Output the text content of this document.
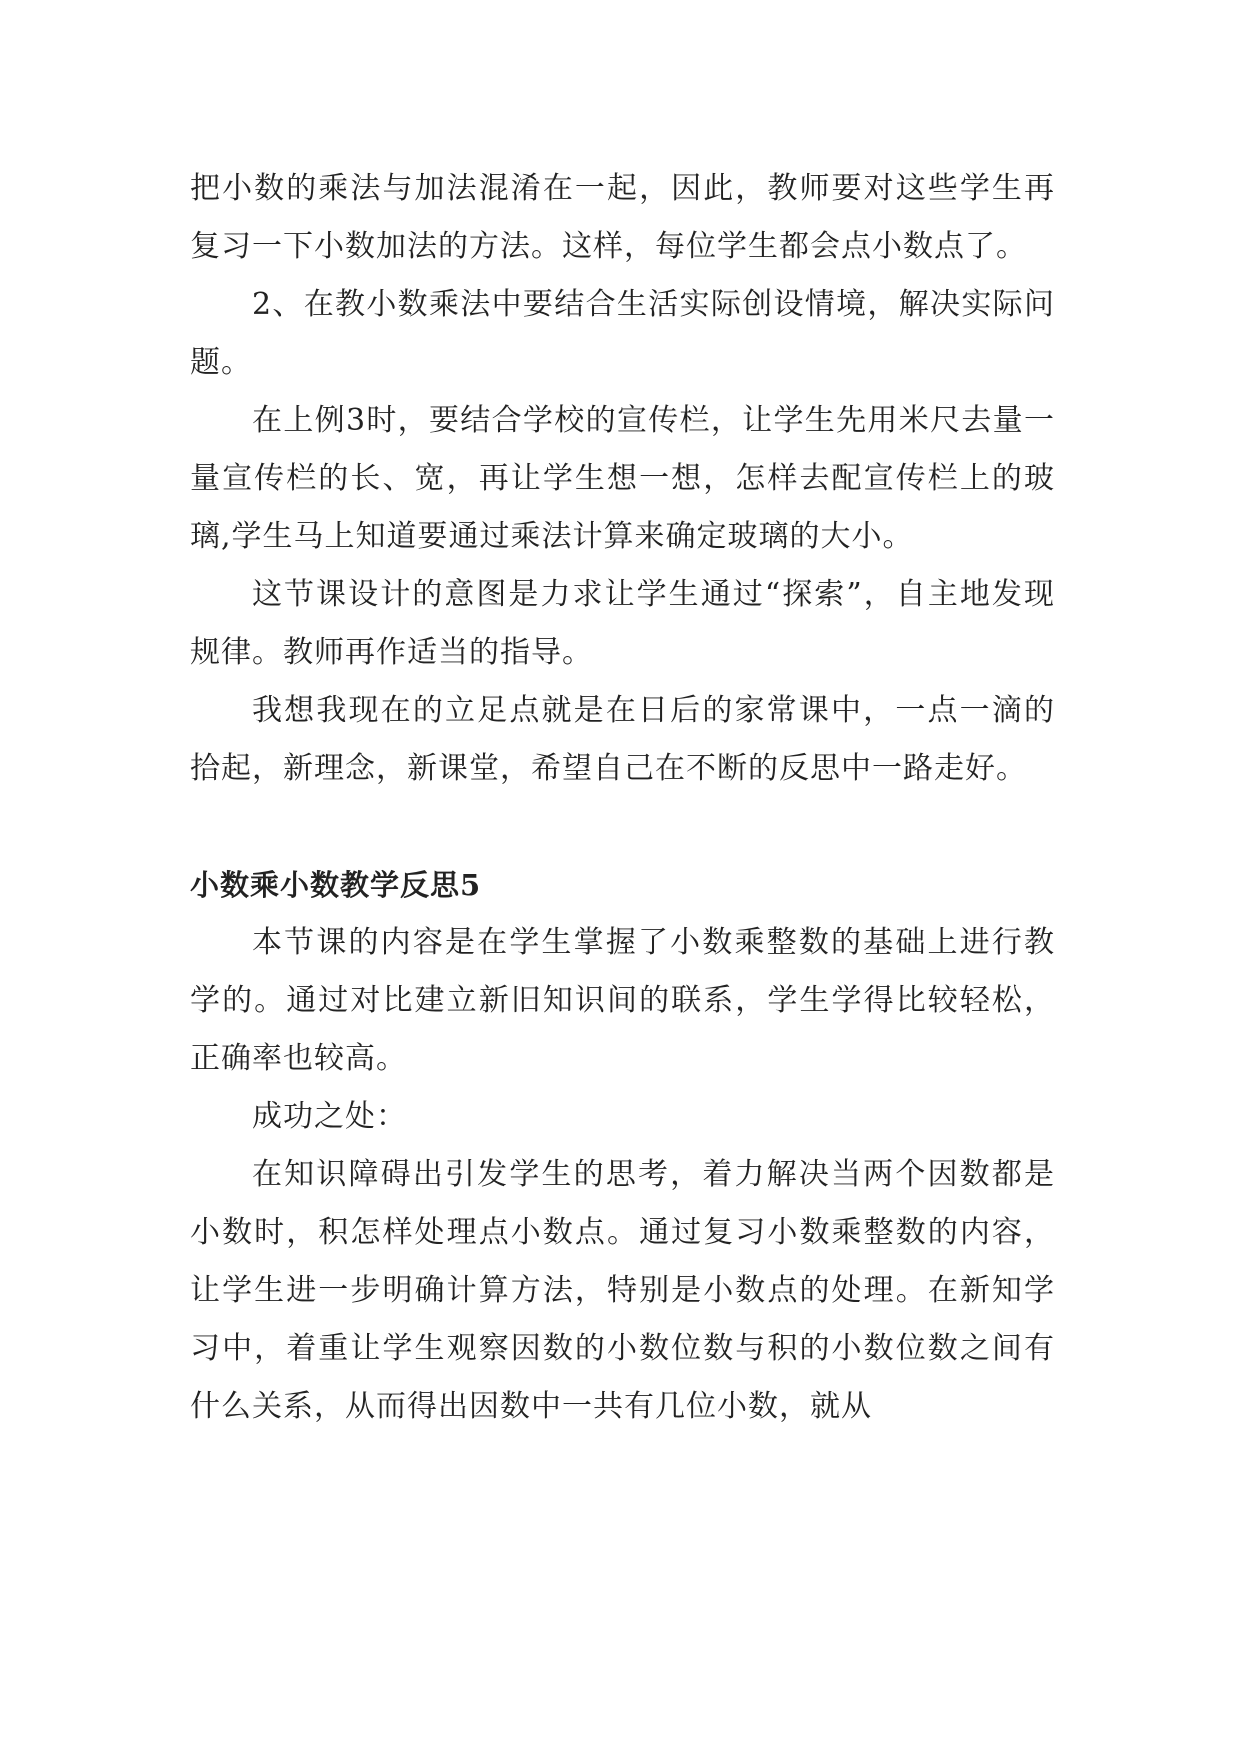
把小数的乘法与加法混淆在一起，因此，教师要对这些学生再复习一下小数加法的方法。这样，每位学生都会点小数点了。

2、在教小数乘法中要结合生活实际创设情境，解决实际问题。

在上例3时，要结合学校的宣传栏，让学生先用米尺去量一量宣传栏的长、宽，再让学生想一想，怎样去配宣传栏上的玻璃,学生马上知道要通过乘法计算来确定玻璃的大小。

这节课设计的意图是力求让学生通过“探索”，自主地发现规律。教师再作适当的指导。

我想我现在的立足点就是在日后的家常课中，一点一滴的拾起，新理念，新课堂，希望自己在不断的反思中一路走好。

小数乘小数教学反思5

本节课的内容是在学生掌握了小数乘整数的基础上进行教学的。通过对比建立新旧知识间的联系，学生学得比较轻松，正确率也较高。

成功之处：

在知识障碍出引发学生的思考，着力解决当两个因数都是小数时，积怎样处理点小数点。通过复习小数乘整数的内容，让学生进一步明确计算方法，特别是小数点的处理。在新知学习中，着重让学生观察因数的小数位数与积的小数位数之间有什么关系，从而得出因数中一共有几位小数，就从
